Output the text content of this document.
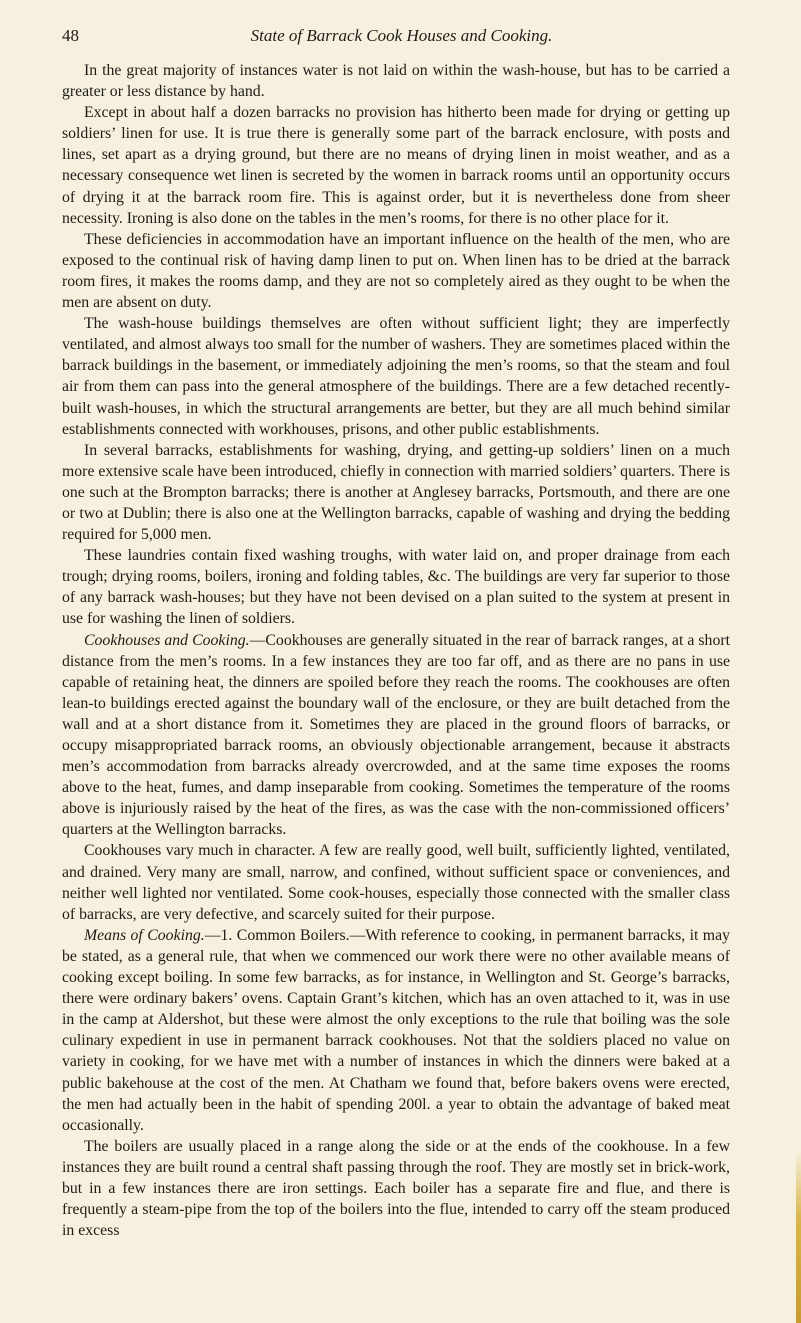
48	State of Barrack Cook Houses and Cooking.

In the great majority of instances water is not laid on within the wash-house, but has to be carried a greater or less distance by hand.

Except in about half a dozen barracks no provision has hitherto been made for drying or getting up soldiers’ linen for use. It is true there is generally some part of the barrack enclosure, with posts and lines, set apart as a drying ground, but there are no means of drying linen in moist weather, and as a necessary consequence wet linen is secreted by the women in barrack rooms until an opportunity occurs of drying it at the barrack room fire. This is against order, but it is nevertheless done from sheer necessity. Ironing is also done on the tables in the men’s rooms, for there is no other place for it.

These deficiencies in accommodation have an important influence on the health of the men, who are exposed to the continual risk of having damp linen to put on. When linen has to be dried at the barrack room fires, it makes the rooms damp, and they are not so completely aired as they ought to be when the men are absent on duty.

The wash-house buildings themselves are often without sufficient light; they are imperfectly ventilated, and almost always too small for the number of washers. They are sometimes placed within the barrack buildings in the basement, or immediately adjoining the men’s rooms, so that the steam and foul air from them can pass into the general atmosphere of the buildings. There are a few detached recently-built wash-houses, in which the structural arrangements are better, but they are all much behind similar establishments connected with workhouses, prisons, and other public establishments.

In several barracks, establishments for washing, drying, and getting-up soldiers’ linen on a much more extensive scale have been introduced, chiefly in connection with married soldiers’ quarters. There is one such at the Brompton barracks; there is another at Anglesey barracks, Portsmouth, and there are one or two at Dublin; there is also one at the Wellington barracks, capable of washing and drying the bedding required for 5,000 men.

These laundries contain fixed washing troughs, with water laid on, and proper drainage from each trough; drying rooms, boilers, ironing and folding tables, &c. The buildings are very far superior to those of any barrack wash-houses; but they have not been devised on a plan suited to the system at present in use for washing the linen of soldiers.

Cookhouses and Cooking.—Cookhouses are generally situated in the rear of barrack ranges, at a short distance from the men’s rooms. In a few instances they are too far off, and as there are no pans in use capable of retaining heat, the dinners are spoiled before they reach the rooms. The cookhouses are often lean-to buildings erected against the boundary wall of the enclosure, or they are built detached from the wall and at a short distance from it. Sometimes they are placed in the ground floors of barracks, or occupy misappropriated barrack rooms, an obviously objectionable arrangement, because it abstracts men’s accommodation from barracks already overcrowded, and at the same time exposes the rooms above to the heat, fumes, and damp inseparable from cooking. Sometimes the temperature of the rooms above is injuriously raised by the heat of the fires, as was the case with the non-commissioned officers’ quarters at the Wellington barracks.

Cookhouses vary much in character. A few are really good, well built, sufficiently lighted, ventilated, and drained. Very many are small, narrow, and confined, without sufficient space or conveniences, and neither well lighted nor ventilated. Some cook-houses, especially those connected with the smaller class of barracks, are very defective, and scarcely suited for their purpose.

Means of Cooking.—1. Common Boilers.—With reference to cooking, in permanent barracks, it may be stated, as a general rule, that when we commenced our work there were no other available means of cooking except boiling. In some few barracks, as for instance, in Wellington and St. George’s barracks, there were ordinary bakers’ ovens. Captain Grant’s kitchen, which has an oven attached to it, was in use in the camp at Aldershot, but these were almost the only exceptions to the rule that boiling was the sole culinary expedient in use in permanent barrack cookhouses. Not that the soldiers placed no value on variety in cooking, for we have met with a number of instances in which the dinners were baked at a public bakehouse at the cost of the men. At Chatham we found that, before bakers ovens were erected, the men had actually been in the habit of spending 200l. a year to obtain the advantage of baked meat occasionally.

The boilers are usually placed in a range along the side or at the ends of the cookhouse. In a few instances they are built round a central shaft passing through the roof. They are mostly set in brick-work, but in a few instances there are iron settings. Each boiler has a separate fire and flue, and there is frequently a steam-pipe from the top of the boilers into the flue, intended to carry off the steam produced in excess
